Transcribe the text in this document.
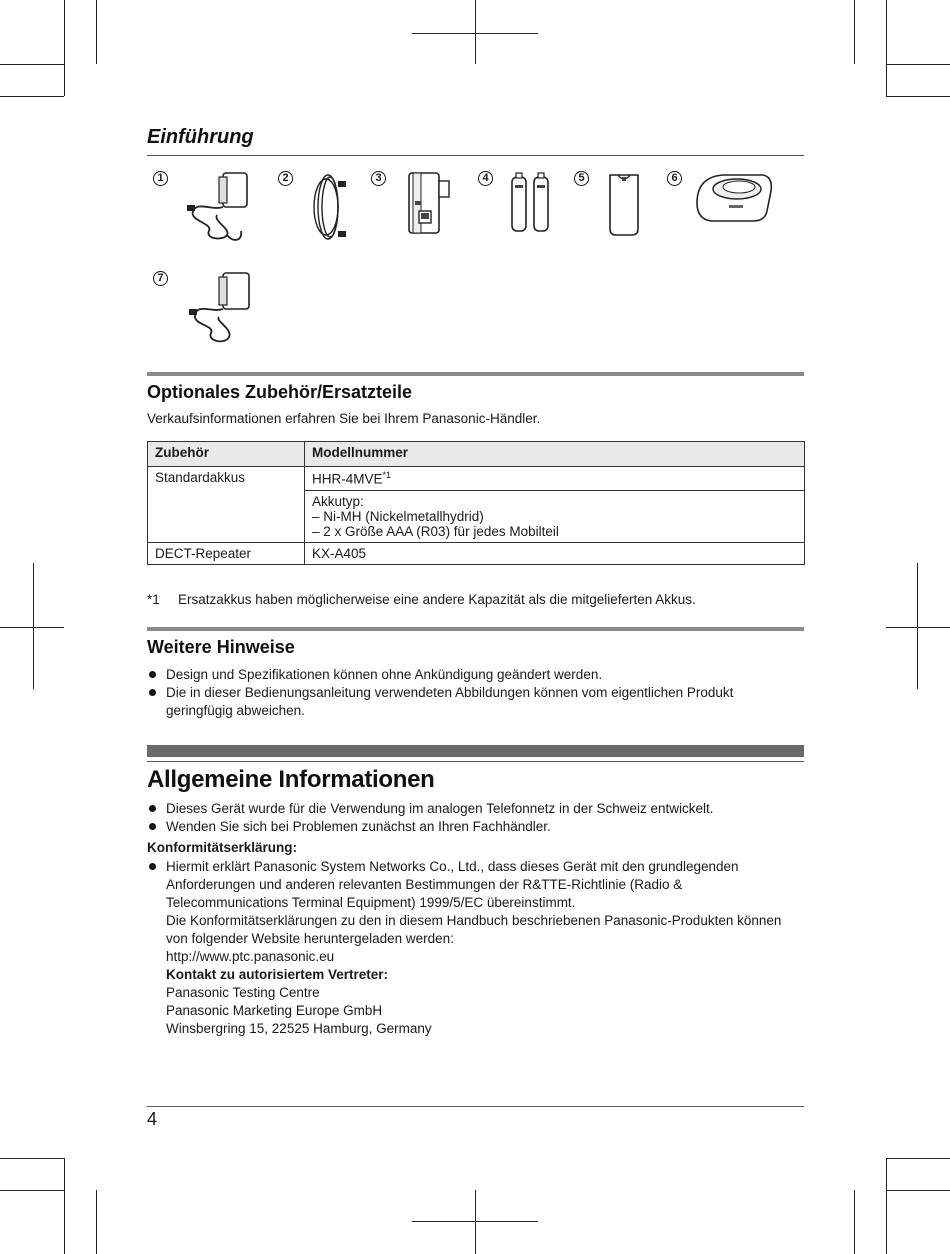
Einführung
1	2	3	4	5	6
7
Optionales Zubehör/Ersatzteile
Verkaufsinformationen erfahren Sie bei Ihrem Panasonic-Händler.
Zubehör	Modellnummer
Standardakkus	HHR-4MVE$^{*1}$

	Akkutyp:
– Ni-MH (Nickelmetallhydrid)
– 2 x Größe AAA (R03) für jedes Mobilteil

DECT-Repeater	KX-A405
*1 Ersatzakkus haben möglicherweise eine andere Kapazität als die mitgelieferten Akkus.
Weitere Hinweise
Design und Spezifikationen können ohne Ankündigung geändert werden.
Die in dieser Bedienungsanleitung verwendeten Abbildungen können vom eigentlichen Produkt geringfügig abweichen.
Allgemeine Informationen
Dieses Gerät wurde für die Verwendung im analogen Telefonnetz in der Schweiz entwickelt.
Wenden Sie sich bei Problemen zunächst an Ihren Fachhändler.
Konformitätserklärung:

Hiermit erklärt Panasonic System Networks Co., Ltd., dass dieses Gerät mit den grundlegenden Anforderungen und anderen relevanten Bestimmungen der R&TTE-Richtlinie (Radio & Telecommunications Terminal Equipment) 1999/5/EC übereinstimmt.

Die Konformitätserklärungen zu den in diesem Handbuch beschriebenen Panasonic-Produkten können von folgender Website heruntergeladen werden:

http://www.ptc.panasonic.eu

Kontakt zu autorisiertem Vertreter:

Panasonic Testing Centre

Panasonic Marketing Europe GmbH

Winsbergring 15, 22525 Hamburg, Germany

4
